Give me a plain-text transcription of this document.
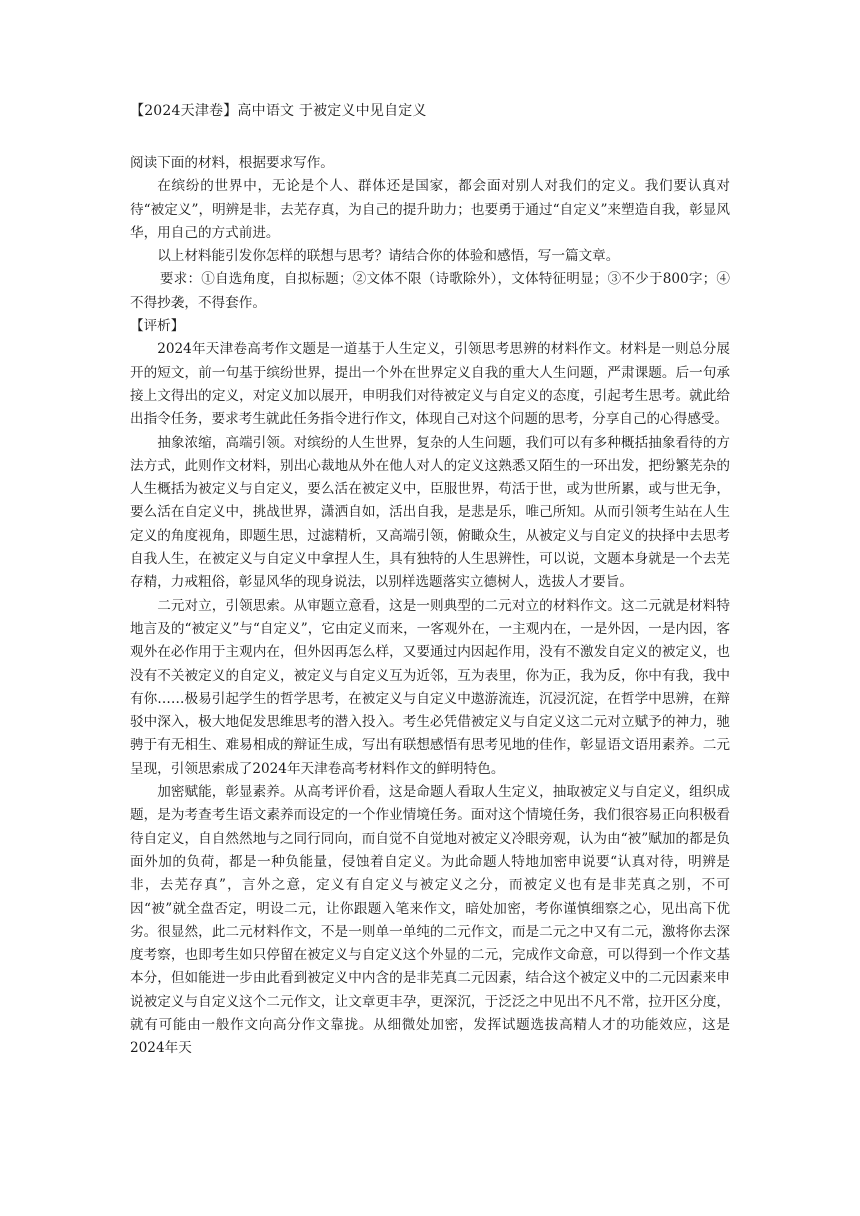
【2024天津卷】高中语文 于被定义中见自定义

阅读下面的材料，根据要求写作。

在缤纷的世界中，无论是个人、群体还是国家，都会面对别人对我们的定义。我们要认真对待“被定义”，明辨是非，去芜存真，为自己的提升助力；也要勇于通过“自定义”来塑造自我，彰显风华，用自己的方式前进。

以上材料能引发你怎样的联想与思考？请结合你的体验和感悟，写一篇文章。

要求：①自选角度，自拟标题；②文体不限（诗歌除外），文体特征明显；③不少于800字；④不得抄袭，不得套作。

【评析】

2024年天津卷高考作文题是一道基于人生定义，引领思考思辨的材料作文。材料是一则总分展开的短文，前一句基于缤纷世界，提出一个外在世界定义自我的重大人生问题，严肃课题。后一句承接上文得出的定义，对定义加以展开，申明我们对待被定义与自定义的态度，引起考生思考。就此给出指令任务，要求考生就此任务指令进行作文，体现自己对这个问题的思考，分享自己的心得感受。

抽象浓缩，高端引领。对缤纷的人生世界，复杂的人生问题，我们可以有多种概括抽象看待的方法方式，此则作文材料，别出心裁地从外在他人对人的定义这熟悉又陌生的一环出发，把纷繁芜杂的人生概括为被定义与自定义，要么活在被定义中，臣服世界，苟活于世，或为世所累，或与世无争，要么活在自定义中，挑战世界，潇洒自如，活出自我，是悲是乐，唯己所知。从而引领考生站在人生定义的角度视角，即题生思，过滤精析，又高端引领，俯瞰众生，从被定义与自定义的抉择中去思考自我人生，在被定义与自定义中拿捏人生，具有独特的人生思辨性，可以说，文题本身就是一个去芜存精，力戒粗俗，彰显风华的现身说法，以别样选题落实立德树人，选拔人才要旨。

二元对立，引领思索。从审题立意看，这是一则典型的二元对立的材料作文。这二元就是材料特地言及的“被定义”与“自定义”，它由定义而来，一客观外在，一主观内在，一是外因，一是内因，客观外在必作用于主观内在，但外因再怎么样，又要通过内因起作用，没有不激发自定义的被定义，也没有不关被定义的自定义，被定义与自定义互为近邻，互为表里，你为正，我为反，你中有我，我中有你……极易引起学生的哲学思考，在被定义与自定义中遨游流连，沉浸沉淀，在哲学中思辨，在辩驳中深入，极大地促发思维思考的潜入投入。考生必凭借被定义与自定义这二元对立赋予的神力，驰骋于有无相生、难易相成的辩证生成，写出有联想感悟有思考见地的佳作，彰显语文语用素养。二元呈现，引领思索成了2024年天津卷高考材料作文的鲜明特色。

加密赋能，彰显素养。从高考评价看，这是命题人看取人生定义，抽取被定义与自定义，组织成题，是为考查考生语文素养而设定的一个作业情境任务。面对这个情境任务，我们很容易正向积极看待自定义，自自然然地与之同行同向，而自觉不自觉地对被定义冷眼旁观，认为由“被”赋加的都是负面外加的负荷，都是一种负能量，侵蚀着自定义。为此命题人特地加密申说要“认真对待，明辨是非，去芜存真”，言外之意，定义有自定义与被定义之分，而被定义也有是非芜真之别，不可因“被”就全盘否定，明设二元，让你跟题入笔来作文，暗处加密，考你谨慎细察之心，见出高下优劣。很显然，此二元材料作文，不是一则单一单纯的二元作文，而是二元之中又有二元，激将你去深度考察，也即考生如只停留在被定义与自定义这个外显的二元，完成作文命意，可以得到一个作文基本分，但如能进一步由此看到被定义中内含的是非芜真二元因素，结合这个被定义中的二元因素来申说被定义与自定义这个二元作文，让文章更丰孕，更深沉，于泛泛之中见出不凡不常，拉开区分度，就有可能由一般作文向高分作文靠拢。从细微处加密，发挥试题选拔高精人才的功能效应，这是2024年天
